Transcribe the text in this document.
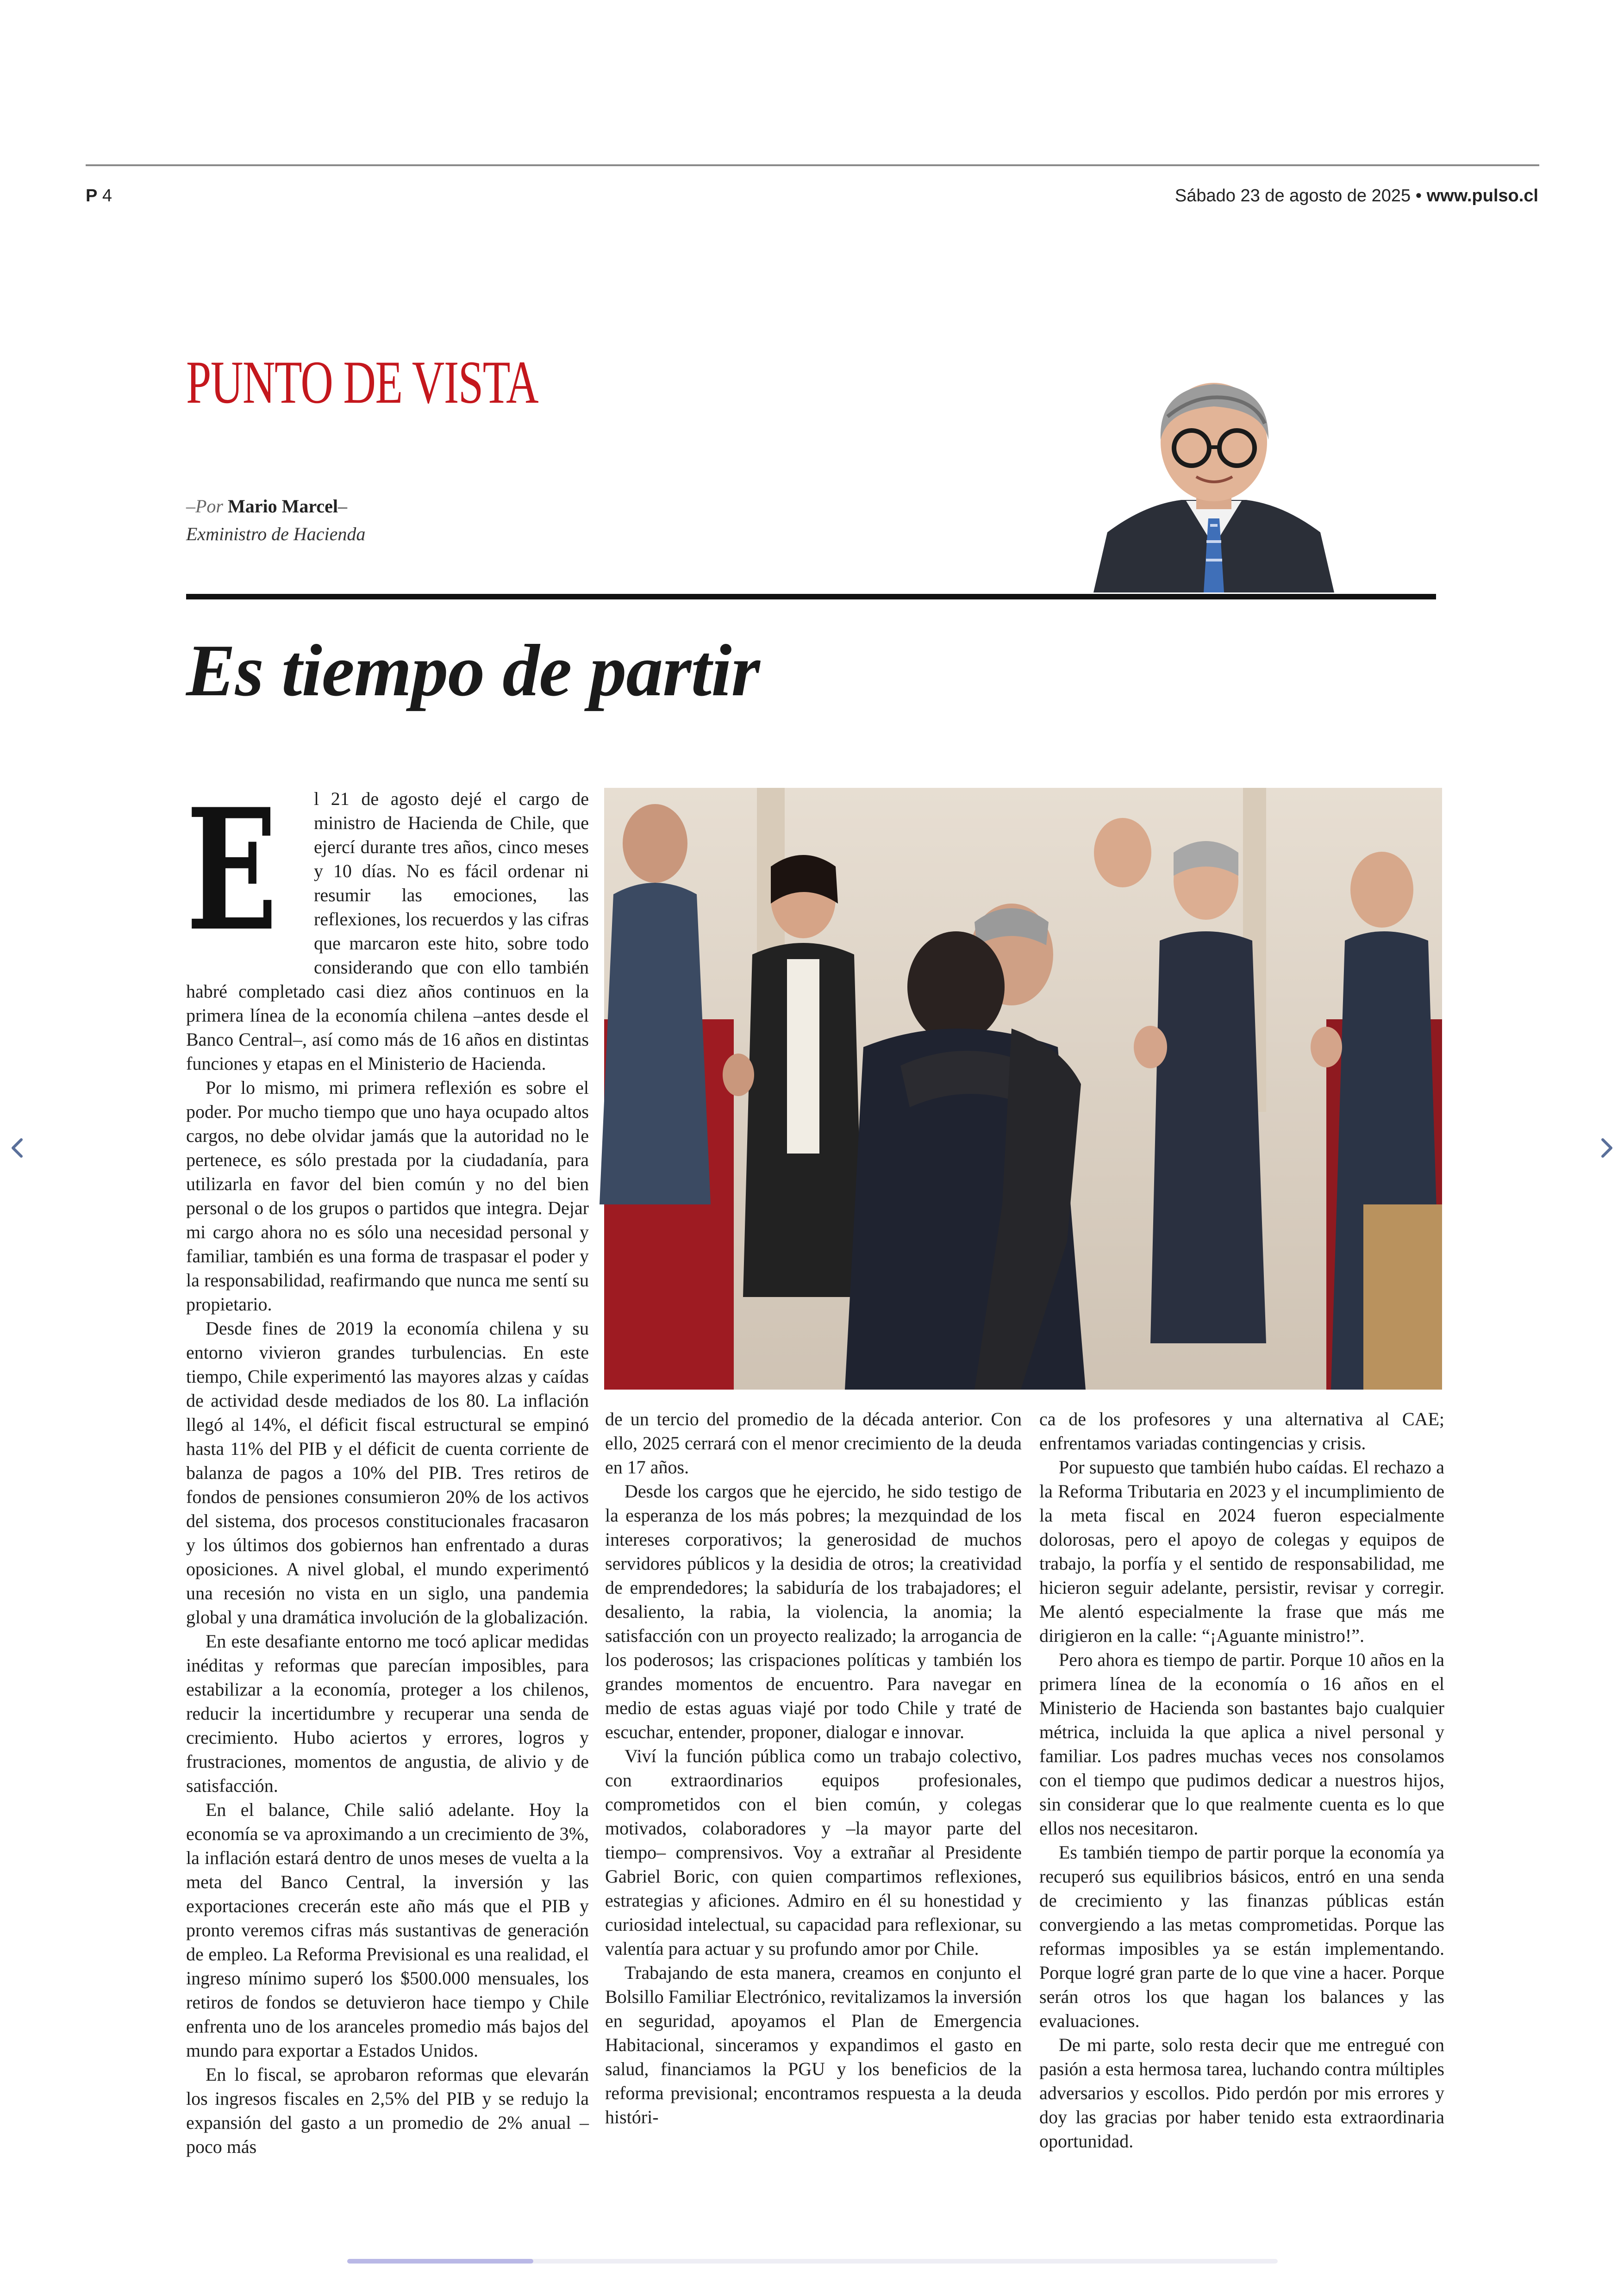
P 4	Sábado 23 de agosto de 2025 • www.pulso.cl
PUNTO DE VISTA
–Por Mario Marcel–
Exministro de Hacienda
Es tiempo de partir
E	l 21 de agosto dejé el cargo de ministro de Hacienda de Chile, que ejercí durante tres años, cinco meses y 10 días. No es fácil ordenar ni resumir las emociones, las reflexiones, los recuerdos y las cifras que marcaron este hito, sobre todo considerando que con ello también habré completado casi diez años continuos en la primera línea de la economía chilena –antes desde el Banco Central–, así como más de 16 años en distintas funciones y etapas en el Ministerio de Hacienda.

Por lo mismo, mi primera reflexión es sobre el poder. Por mucho tiempo que uno haya ocupado altos cargos, no debe olvidar jamás que la autoridad no le pertenece, es sólo prestada por la ciudadanía, para utilizarla en favor del bien común y no del bien personal o de los grupos o partidos que integra. Dejar mi cargo ahora no es sólo una necesidad personal y familiar, también es una forma de traspasar el poder y la responsabilidad, reafirmando que nunca me sentí su propietario.

Desde fines de 2019 la economía chilena y su entorno vivieron grandes turbulencias. En este tiempo, Chile experimentó las mayores alzas y caídas de actividad desde mediados de los 80. La inflación llegó al 14%, el déficit fiscal estructural se empinó hasta 11% del PIB y el déficit de cuenta corriente de balanza de pagos a 10% del PIB. Tres retiros de fondos de pensiones consumieron 20% de los activos del sistema, dos procesos constitucionales fracasaron y los últimos dos gobiernos han enfrentado a duras oposiciones. A nivel global, el mundo experimentó una recesión no vista en un siglo, una pandemia global y una dramática involución de la globalización.

En este desafiante entorno me tocó aplicar medidas inéditas y reformas que parecían imposibles, para estabilizar a la economía, proteger a los chilenos, reducir la incertidumbre y recuperar una senda de crecimiento. Hubo aciertos y errores, logros y frustraciones, momentos de angustia, de alivio y de satisfacción.

En el balance, Chile salió adelante. Hoy la economía se va aproximando a un crecimiento de 3%, la inflación estará dentro de unos meses de vuelta a la meta del Banco Central, la inversión y las exportaciones crecerán este año más que el PIB y pronto veremos cifras más sustantivas de generación de empleo. La Reforma Previsional es una realidad, el ingreso mínimo superó los $500.000 mensuales, los retiros de fondos se detuvieron hace tiempo y Chile enfrenta uno de los aranceles promedio más bajos del mundo para exportar a Estados Unidos.

En lo fiscal, se aprobaron reformas que elevarán los ingresos fiscales en 2,5% del PIB y se redujo la expansión del gasto a un promedio de 2% anual –poco más

de un tercio del promedio de la década anterior. Con ello, 2025 cerrará con el menor crecimiento de la deuda en 17 años.

Desde los cargos que he ejercido, he sido testigo de la esperanza de los más pobres; la mezquindad de los intereses corporativos; la generosidad de muchos servidores públicos y la desidia de otros; la creatividad de emprendedores; la sabiduría de los trabajadores; el desaliento, la rabia, la violencia, la anomia; la satisfacción con un proyecto realizado; la arrogancia de los poderosos; las crispaciones políticas y también los grandes momentos de encuentro. Para navegar en medio de estas aguas viajé por todo Chile y traté de escuchar, entender, proponer, dialogar e innovar.

Viví la función pública como un trabajo colectivo, con extraordinarios equipos profesionales, comprometidos con el bien común, y colegas motivados, colaboradores y –la mayor parte del tiempo– comprensivos. Voy a extrañar al Presidente Gabriel Boric, con quien compartimos reflexiones, estrategias y aficiones. Admiro en él su honestidad y curiosidad intelectual, su capacidad para reflexionar, su valentía para actuar y su profundo amor por Chile.

Trabajando de esta manera, creamos en conjunto el Bolsillo Familiar Electrónico, revitalizamos la inversión en seguridad, apoyamos el Plan de Emergencia Habitacional, sinceramos y expandimos el gasto en salud, financiamos la PGU y los beneficios de la reforma previsional; encontramos respuesta a la deuda históri-

ca de los profesores y una alternativa al CAE; enfrentamos variadas contingencias y crisis.

Por supuesto que también hubo caídas. El rechazo a la Reforma Tributaria en 2023 y el incumplimiento de la meta fiscal en 2024 fueron especialmente dolorosas, pero el apoyo de colegas y equipos de trabajo, la porfía y el sentido de responsabilidad, me hicieron seguir adelante, persistir, revisar y corregir. Me alentó especialmente la frase que más me dirigieron en la calle: “¡Aguante ministro!”.

Pero ahora es tiempo de partir. Porque 10 años en la primera línea de la economía o 16 años en el Ministerio de Hacienda son bastantes bajo cualquier métrica, incluida la que aplica a nivel personal y familiar. Los padres muchas veces nos consolamos con el tiempo que pudimos dedicar a nuestros hijos, sin considerar que lo que realmente cuenta es lo que ellos nos necesitaron.

Es también tiempo de partir porque la economía ya recuperó sus equilibrios básicos, entró en una senda de crecimiento y las finanzas públicas están convergiendo a las metas comprometidas. Porque las reformas imposibles ya se están implementando. Porque logré gran parte de lo que vine a hacer. Porque serán otros los que hagan los balances y las evaluaciones.

De mi parte, solo resta decir que me entregué con pasión a esta hermosa tarea, luchando contra múltiples adversarios y escollos. Pido perdón por mis errores y doy las gracias por haber tenido esta extraordinaria oportunidad.
